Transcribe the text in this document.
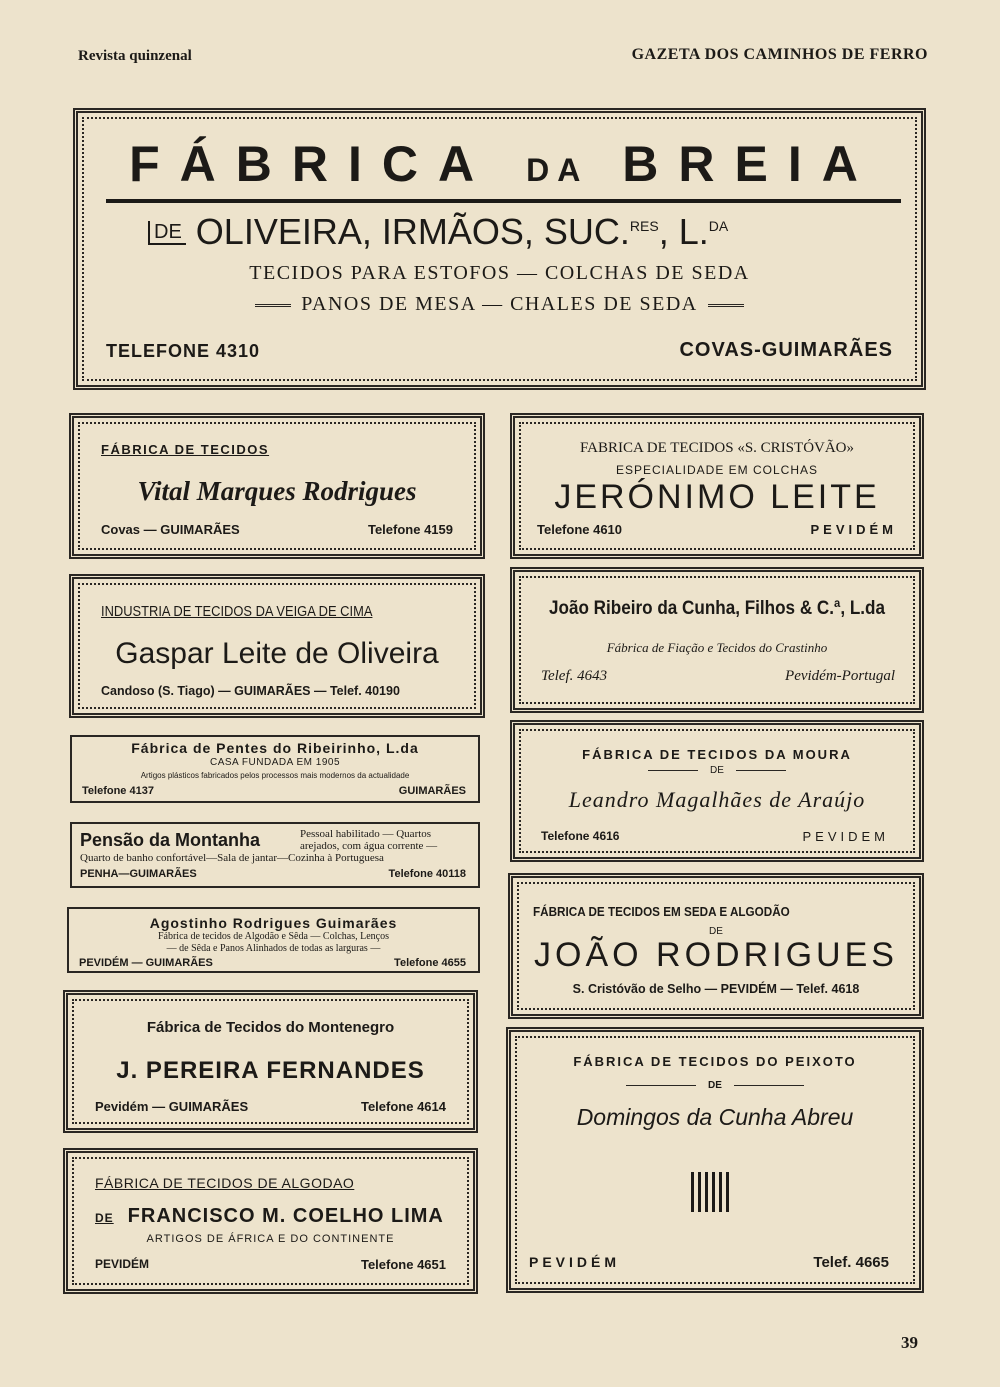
Revista quinzenal	GAZETA DOS CAMINHOS DE FERRO
FÁBRICA DA BREIA
DE OLIVEIRA, IRMÃOS, SUC.$^{RES}$, L.$^{DA}$
TECIDOS PARA ESTOFOS — COLCHAS DE SEDA
PANOS DE MESA — CHALES DE SEDA
TELEFONE 4310	COVAS-GUIMARÃES
FÁBRICA DE TECIDOS
Vital Marques Rodrigues
Covas — GUIMARÃES	Telefone 4159
INDUSTRIA DE TECIDOS DA VEIGA DE CIMA
Gaspar Leite de Oliveira
Candoso (S. Tiago) — GUIMARÃES — Telef. 40190
Fábrica de Pentes do Ribeirinho, L.da
CASA FUNDADA EM 1905
Artigos plásticos fabricados pelos processos mais modernos da actualidade
Telefone 4137	GUIMARÃES
Pensão da Montanha	Pessoal habilitado — Quartos
arejados, com água corrente —
Quarto de banho confortável—Sala de jantar—Cozinha à Portuguesa
PENHA—GUIMARÃES	Telefone 40118
Agostinho Rodrigues Guimarães
Fábrica de tecidos de Algodão e Sêda — Colchas, Lenços
— de Sêda e Panos Alinhados de todas as larguras —
PEVIDÉM — GUIMARÃES	Telefone 4655
Fábrica de Tecidos do Montenegro
J. PEREIRA FERNANDES
Pevidém — GUIMARÃES	Telefone 4614
FÁBRICA DE TECIDOS DE ALGODAO
DE FRANCISCO M. COELHO LIMA
ARTIGOS DE ÁFRICA E DO CONTINENTE
PEVIDÉM	Telefone 4651
FABRICA DE TECIDOS «S. CRISTÓVÃO»
ESPECIALIDADE EM COLCHAS
JERÓNIMO LEITE
Telefone 4610	PEVIDÉM
João Ribeiro da Cunha, Filhos & C.ª, L.da
Fábrica de Fiação e Tecidos do Crastinho
Telef. 4643	Pevidém-Portugal
FÁBRICA DE TECIDOS DA MOURA
DE
Leandro Magalhães de Araújo
Telefone 4616	PEVIDEM
FÁBRICA DE TECIDOS EM SEDA E ALGODÃO
DE
JOÃO RODRIGUES
S. Cristóvão de Selho — PEVIDÉM — Telef. 4618
FÁBRICA DE TECIDOS DO PEIXOTO
DE
Domingos da Cunha Abreu
PEVIDÉM	Telef. 4665
39
